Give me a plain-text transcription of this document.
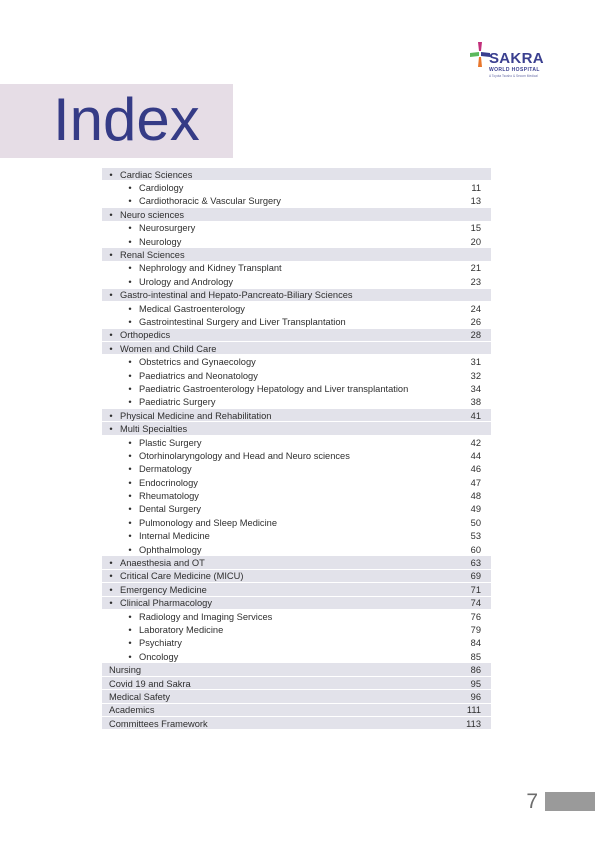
SAKRA
WORLD HOSPITAL
A Toyota Tsusho & Secom Medical
Index
• Cardiac Sciences
• Cardiology	11
• Cardiothoracic & Vascular Surgery	13
• Neuro sciences
• Neurosurgery	15
• Neurology	20
• Renal Sciences
• Nephrology and Kidney Transplant	21
• Urology and Andrology	23
• Gastro-intestinal and Hepato-Pancreato-Biliary Sciences
• Medical Gastroenterology	24
• Gastrointestinal Surgery and Liver Transplantation	26
• Orthopedics	28
• Women and Child Care
• Obstetrics and Gynaecology	31
• Paediatrics and Neonatology	32
• Paediatric Gastroenterology Hepatology and Liver transplantation	34
• Paediatric Surgery	38
• Physical Medicine and Rehabilitation	41
• Multi Specialties
• Plastic Surgery	42
• Otorhinolaryngology and Head and Neuro sciences	44
• Dermatology	46
• Endocrinology	47
• Rheumatology	48
• Dental Surgery	49
• Pulmonology and Sleep Medicine	50
• Internal Medicine	53
• Ophthalmology	60
• Anaesthesia and OT	63
• Critical Care Medicine (MICU)	69
• Emergency Medicine	71
• Clinical Pharmacology	74
• Radiology and Imaging Services	76
• Laboratory Medicine	79
• Psychiatry	84
• Oncology	85
Nursing	86
Covid 19 and Sakra	95
Medical Safety	96
Academics	111
Committees Framework	113
7
